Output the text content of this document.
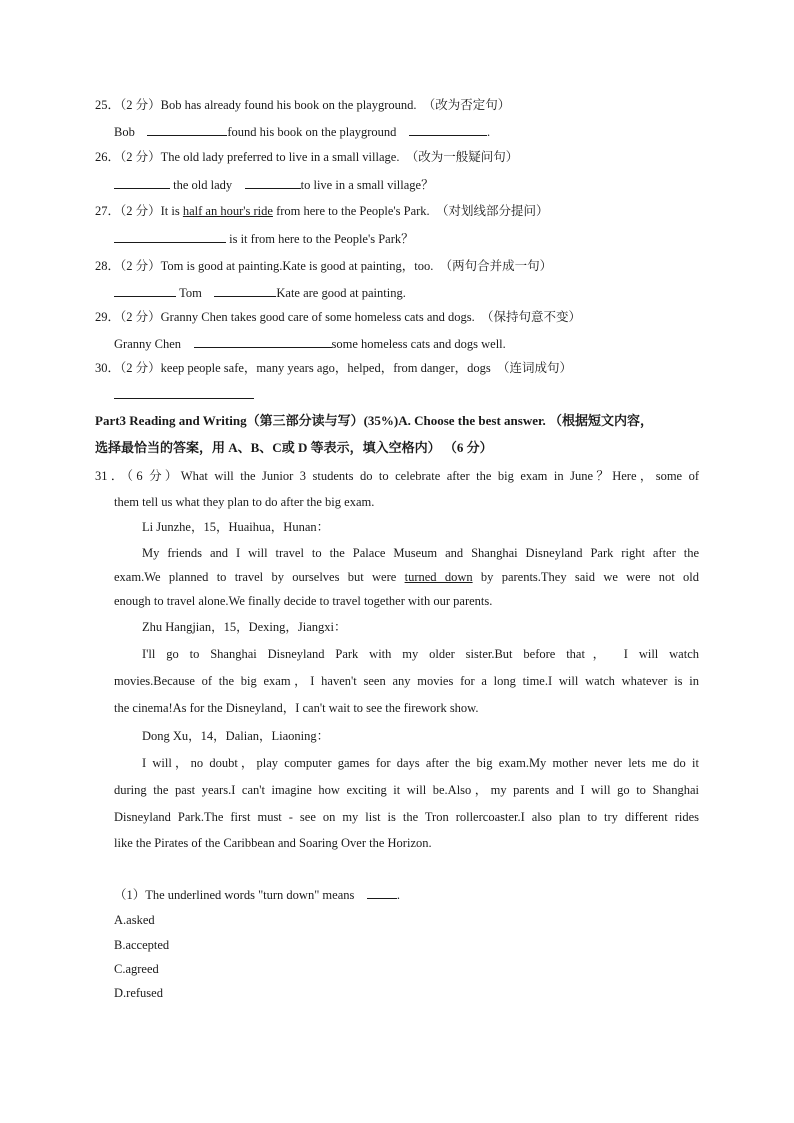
25．（2 分）Bob has already found his book on the playground. （改为否定句）
Bob	found his book on the playground	.
26．（2 分）The old lady preferred to live in a small village. （改为一般疑问句）
the old lady	to live in a small village？
27．（2 分）It is half an hour's ride from here to the People's Park. （对划线部分提问）
is it from here to the People's Park？
28．（2 分）Tom is good at painting.Kate is good at painting，too. （两句合并成一句）
Tom	Kate are good at painting.
29．（2 分）Granny Chen takes good care of some homeless cats and dogs. （保持句意不变）
Granny Chen	some homeless cats and dogs well.
30．（2 分）keep people safe，many years ago，helped，from danger，dogs （连词成句）
Part3 Reading and Writing（第三部分读与写）(35%)A. Choose the best answer. （根据短文内容，
选择最恰当的答案，用 A、B、C或 D 等表示，填入空格内） （6 分）
31．（6 分）What will the Junior 3 students do to celebrate after the big exam in June？Here，some of
them tell us what they plan to do after the big exam.
Li Junzhe，15，Huaihua，Hunan：
My friends and I will travel to the Palace Museum and Shanghai Disneyland Park right after the
exam.We planned to travel by ourselves but were turned down by parents.They said we were not old
enough to travel alone.We finally decide to travel together with our parents.
Zhu Hangjian，15，Dexing，Jiangxi：
I'll go to Shanghai Disneyland Park with my older sister.But before that， I will watch
movies.Because of the big exam，I haven't seen any movies for a long time.I will watch whatever is in
the cinema!As for the Disneyland，I can't wait to see the firework show.
Dong Xu，14，Dalian，Liaoning：
I will，no doubt，play computer games for days after the big exam.My mother never lets me do it
during the past years.I can't imagine how exciting it will be.Also，my parents and I will go to Shanghai
Disneyland Park.The first must - see on my list is the Tron rollercoaster.I also plan to try different rides
like the Pirates of the Caribbean and Soaring Over the Horizon.
（1）The underlined words "turn down" means	.
A.asked
B.accepted
C.agreed
D.refused
